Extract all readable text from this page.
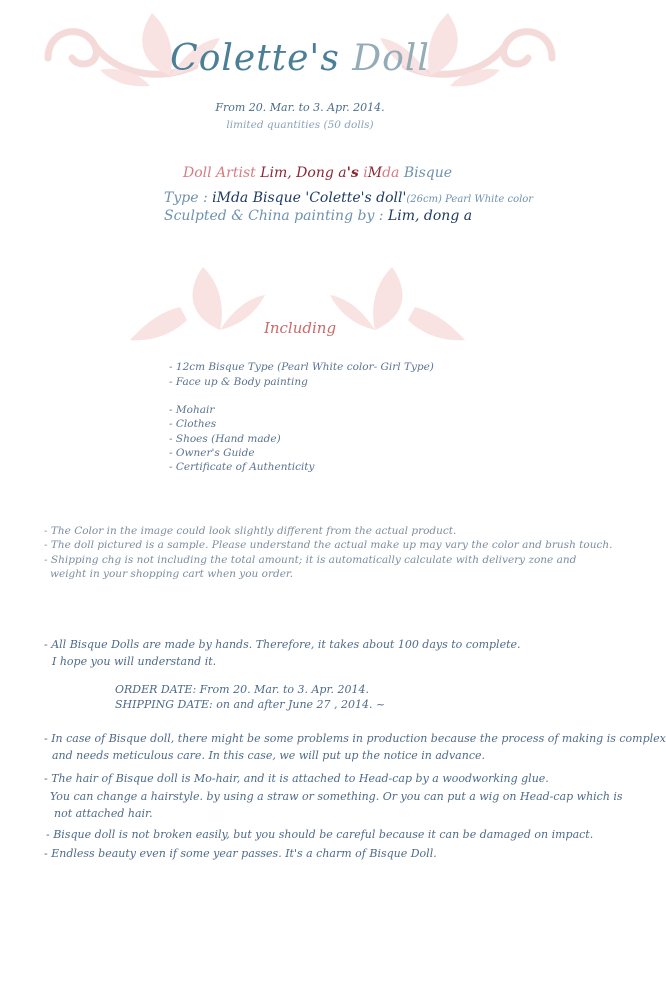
Colette's Doll
From 20. Mar. to 3. Apr. 2014.
limited quantities (50 dolls)
Doll Artist Lim, Dong a's iMda Bisque
Type : iMda Bisque 'Colette's doll'(26cm) Pearl White color
Sculpted & China painting by : Lim, dong a
Including
- 12cm Bisque Type (Pearl White color- Girl Type)
- Face up & Body painting
- Mohair
- Clothes
- Shoes (Hand made)
- Owner's Guide
- Certificate of Authenticity
- The Color in the image could look slightly different from the actual product.
- The doll pictured is a sample. Please understand the actual make up may vary the color and brush touch.
- Shipping chg is not including the total amount; it is automatically calculate with delivery zone and
weight in your shopping cart when you order.
- All Bisque Dolls are made by hands. Therefore, it takes about 100 days to complete.
I hope you will understand it.
ORDER DATE: From 20. Mar. to 3. Apr. 2014.
SHIPPING DATE: on and after June 27 , 2014. ~
- In case of Bisque doll, there might be some problems in production because the process of making is complex
and needs meticulous care. In this case, we will put up the notice in advance.
- The hair of Bisque doll is Mo-hair, and it is attached to Head-cap by a woodworking glue.
You can change a hairstyle. by using a straw or something. Or you can put a wig on Head-cap which is
not attached hair.
- Bisque doll is not broken easily, but you should be careful because it can be damaged on impact.
- Endless beauty even if some year passes. It's a charm of Bisque Doll.
